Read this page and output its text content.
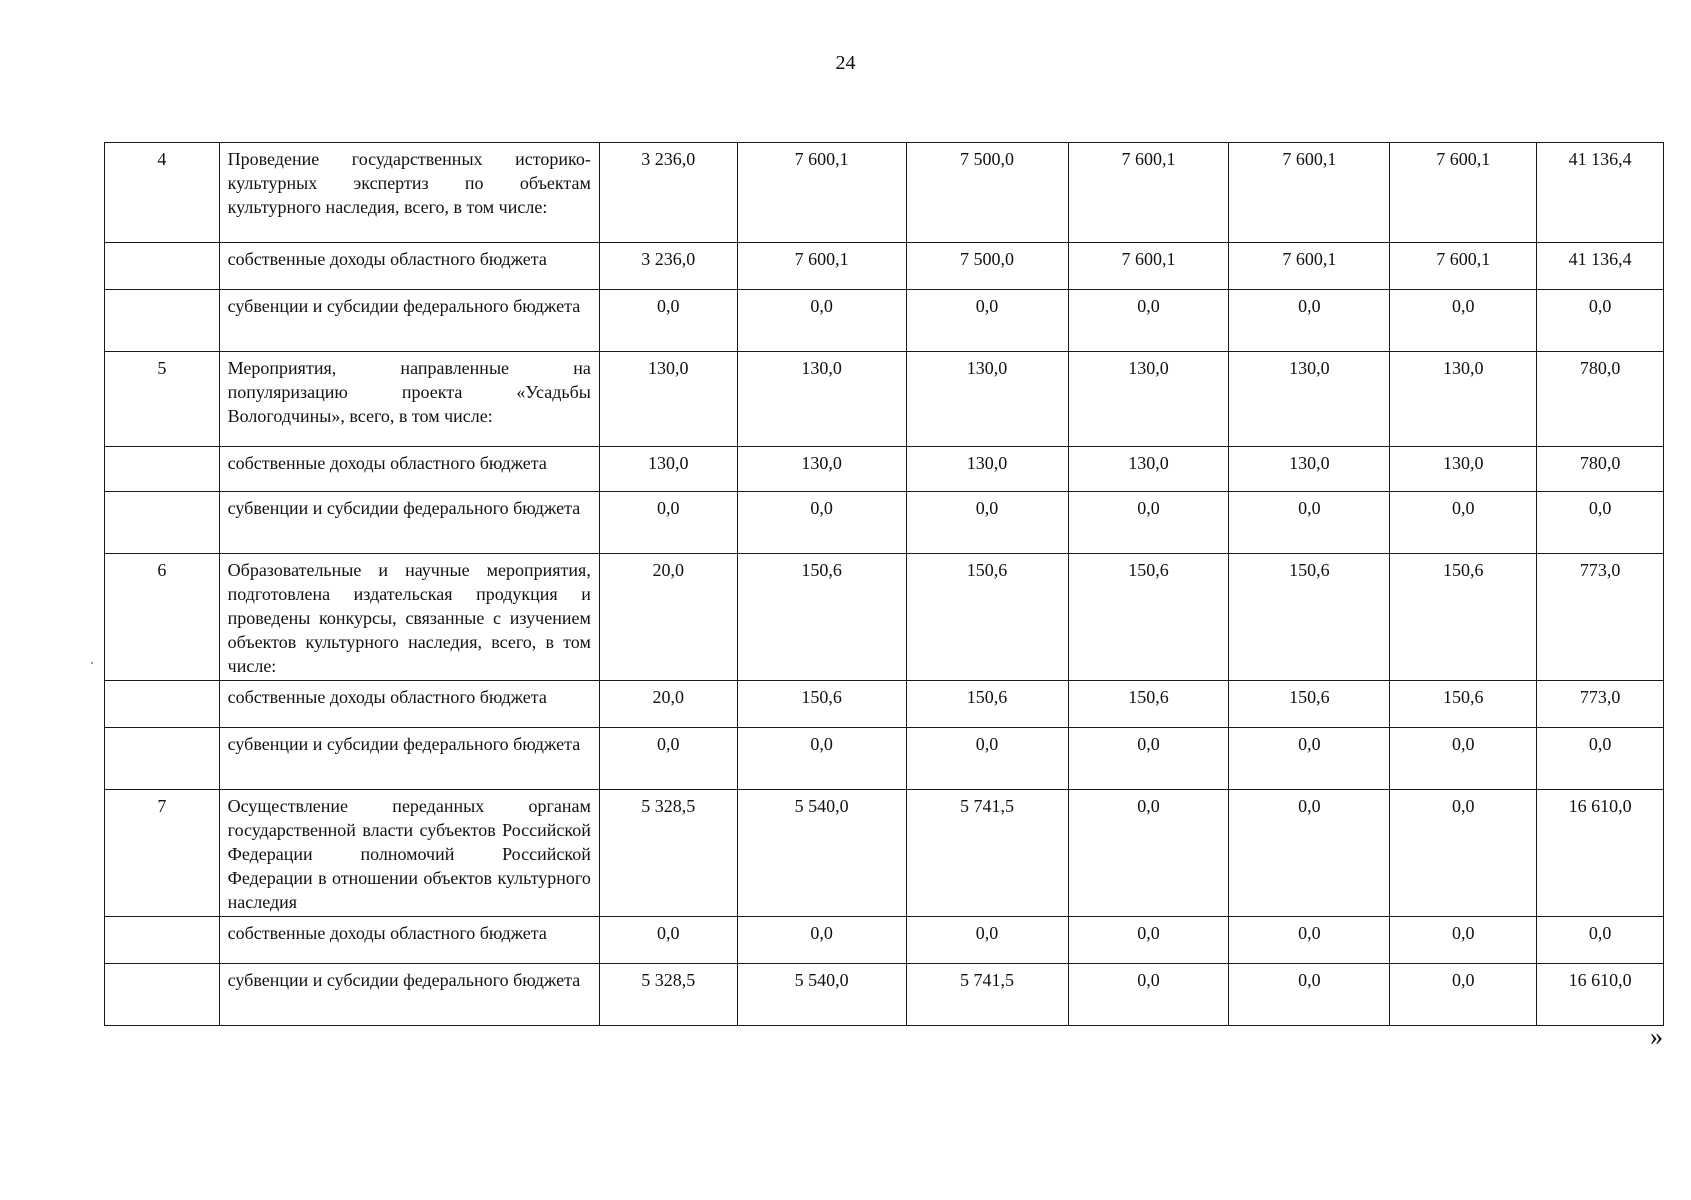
24
4	Проведение государственных историко-культурных экспертиз по объектам культурного наследия, всего, в том числе:	3 236,0	7 600,1	7 500,0	7 600,1	7 600,1	7 600,1	41 136,4
	собственные доходы областного бюджета	3 236,0	7 600,1	7 500,0	7 600,1	7 600,1	7 600,1	41 136,4
	субвенции и субсидии федерального бюджета	0,0	0,0	0,0	0,0	0,0	0,0	0,0
5	Мероприятия, направленные на популяризацию проекта «Усадьбы Вологодчины», всего, в том числе:	130,0	130,0	130,0	130,0	130,0	130,0	780,0
	собственные доходы областного бюджета	130,0	130,0	130,0	130,0	130,0	130,0	780,0
	субвенции и субсидии федерального бюджета	0,0	0,0	0,0	0,0	0,0	0,0	0,0
6	Образовательные и научные мероприятия, подготовлена издательская продукция и проведены конкурсы, связанные с изучением объектов культурного наследия, всего, в том числе:	20,0	150,6	150,6	150,6	150,6	150,6	773,0
	собственные доходы областного бюджета	20,0	150,6	150,6	150,6	150,6	150,6	773,0
	субвенции и субсидии федерального бюджета	0,0	0,0	0,0	0,0	0,0	0,0	0,0
7	Осуществление переданных органам государственной власти субъектов Российской Федерации полномочий Российской Федерации в отношении объектов культурного наследия	5 328,5	5 540,0	5 741,5	0,0	0,0	0,0	16 610,0
	собственные доходы областного бюджета	0,0	0,0	0,0	0,0	0,0	0,0	0,0
	субвенции и субсидии федерального бюджета	5 328,5	5 540,0	5 741,5	0,0	0,0	0,0	16 610,0
»
